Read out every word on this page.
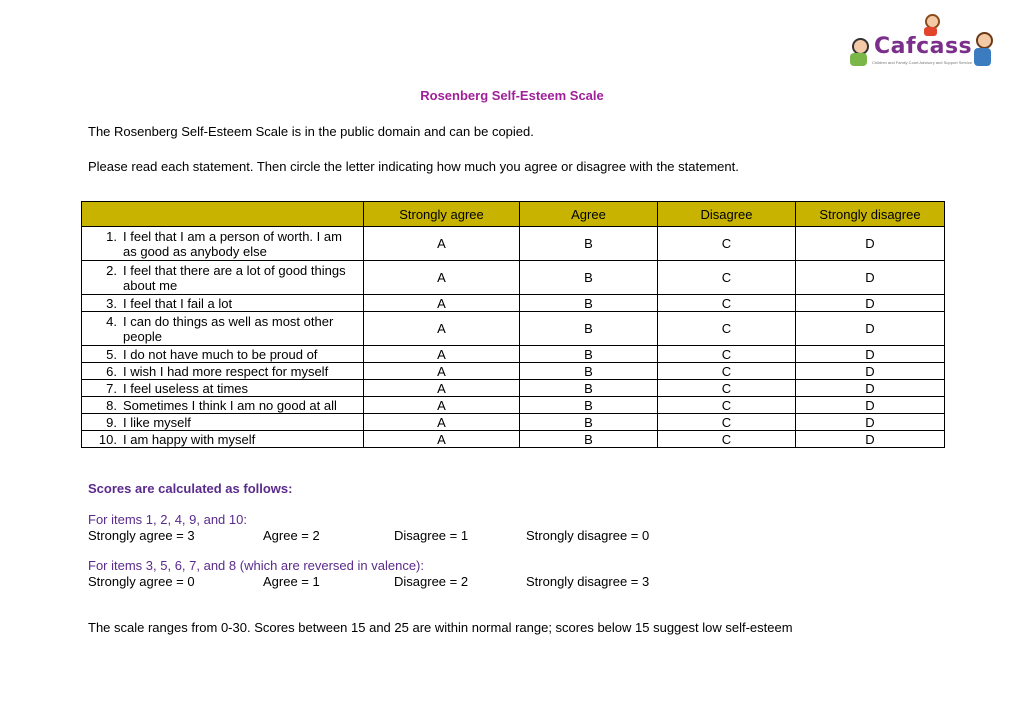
Cafcass
Children and Family Court Advisory and Support Service
Rosenberg Self-Esteem Scale
The Rosenberg Self-Esteem Scale is in the public domain and can be copied.
Please read each statement. Then circle the letter indicating how much you agree or disagree with the statement.
	Strongly agree	Agree	Disagree	Strongly disagree

1. I feel that I am a person of worth. I am as good as anybody else	A	B	C	D

2. I feel that there are a lot of good things about me	A	B	C	D

3. I feel that I fail a lot	A	B	C	D

4. I can do things as well as most other people	A	B	C	D

5. I do not have much to be proud of	A	B	C	D

6. I wish I had more respect for myself	A	B	C	D

7. I feel useless at times	A	B	C	D

8. Sometimes I think I am no good at all	A	B	C	D

9. I like myself	A	B	C	D

10. I am happy with myself	A	B	C	D
Scores are calculated as follows:
For items 1, 2, 4, 9, and 10:
Strongly agree = 3	Agree = 2	Disagree = 1	Strongly disagree = 0
For items 3, 5, 6, 7, and 8 (which are reversed in valence):
Strongly agree = 0	Agree = 1	Disagree = 2	Strongly disagree = 3
The scale ranges from 0-30. Scores between 15 and 25 are within normal range; scores below 15 suggest low self-esteem
